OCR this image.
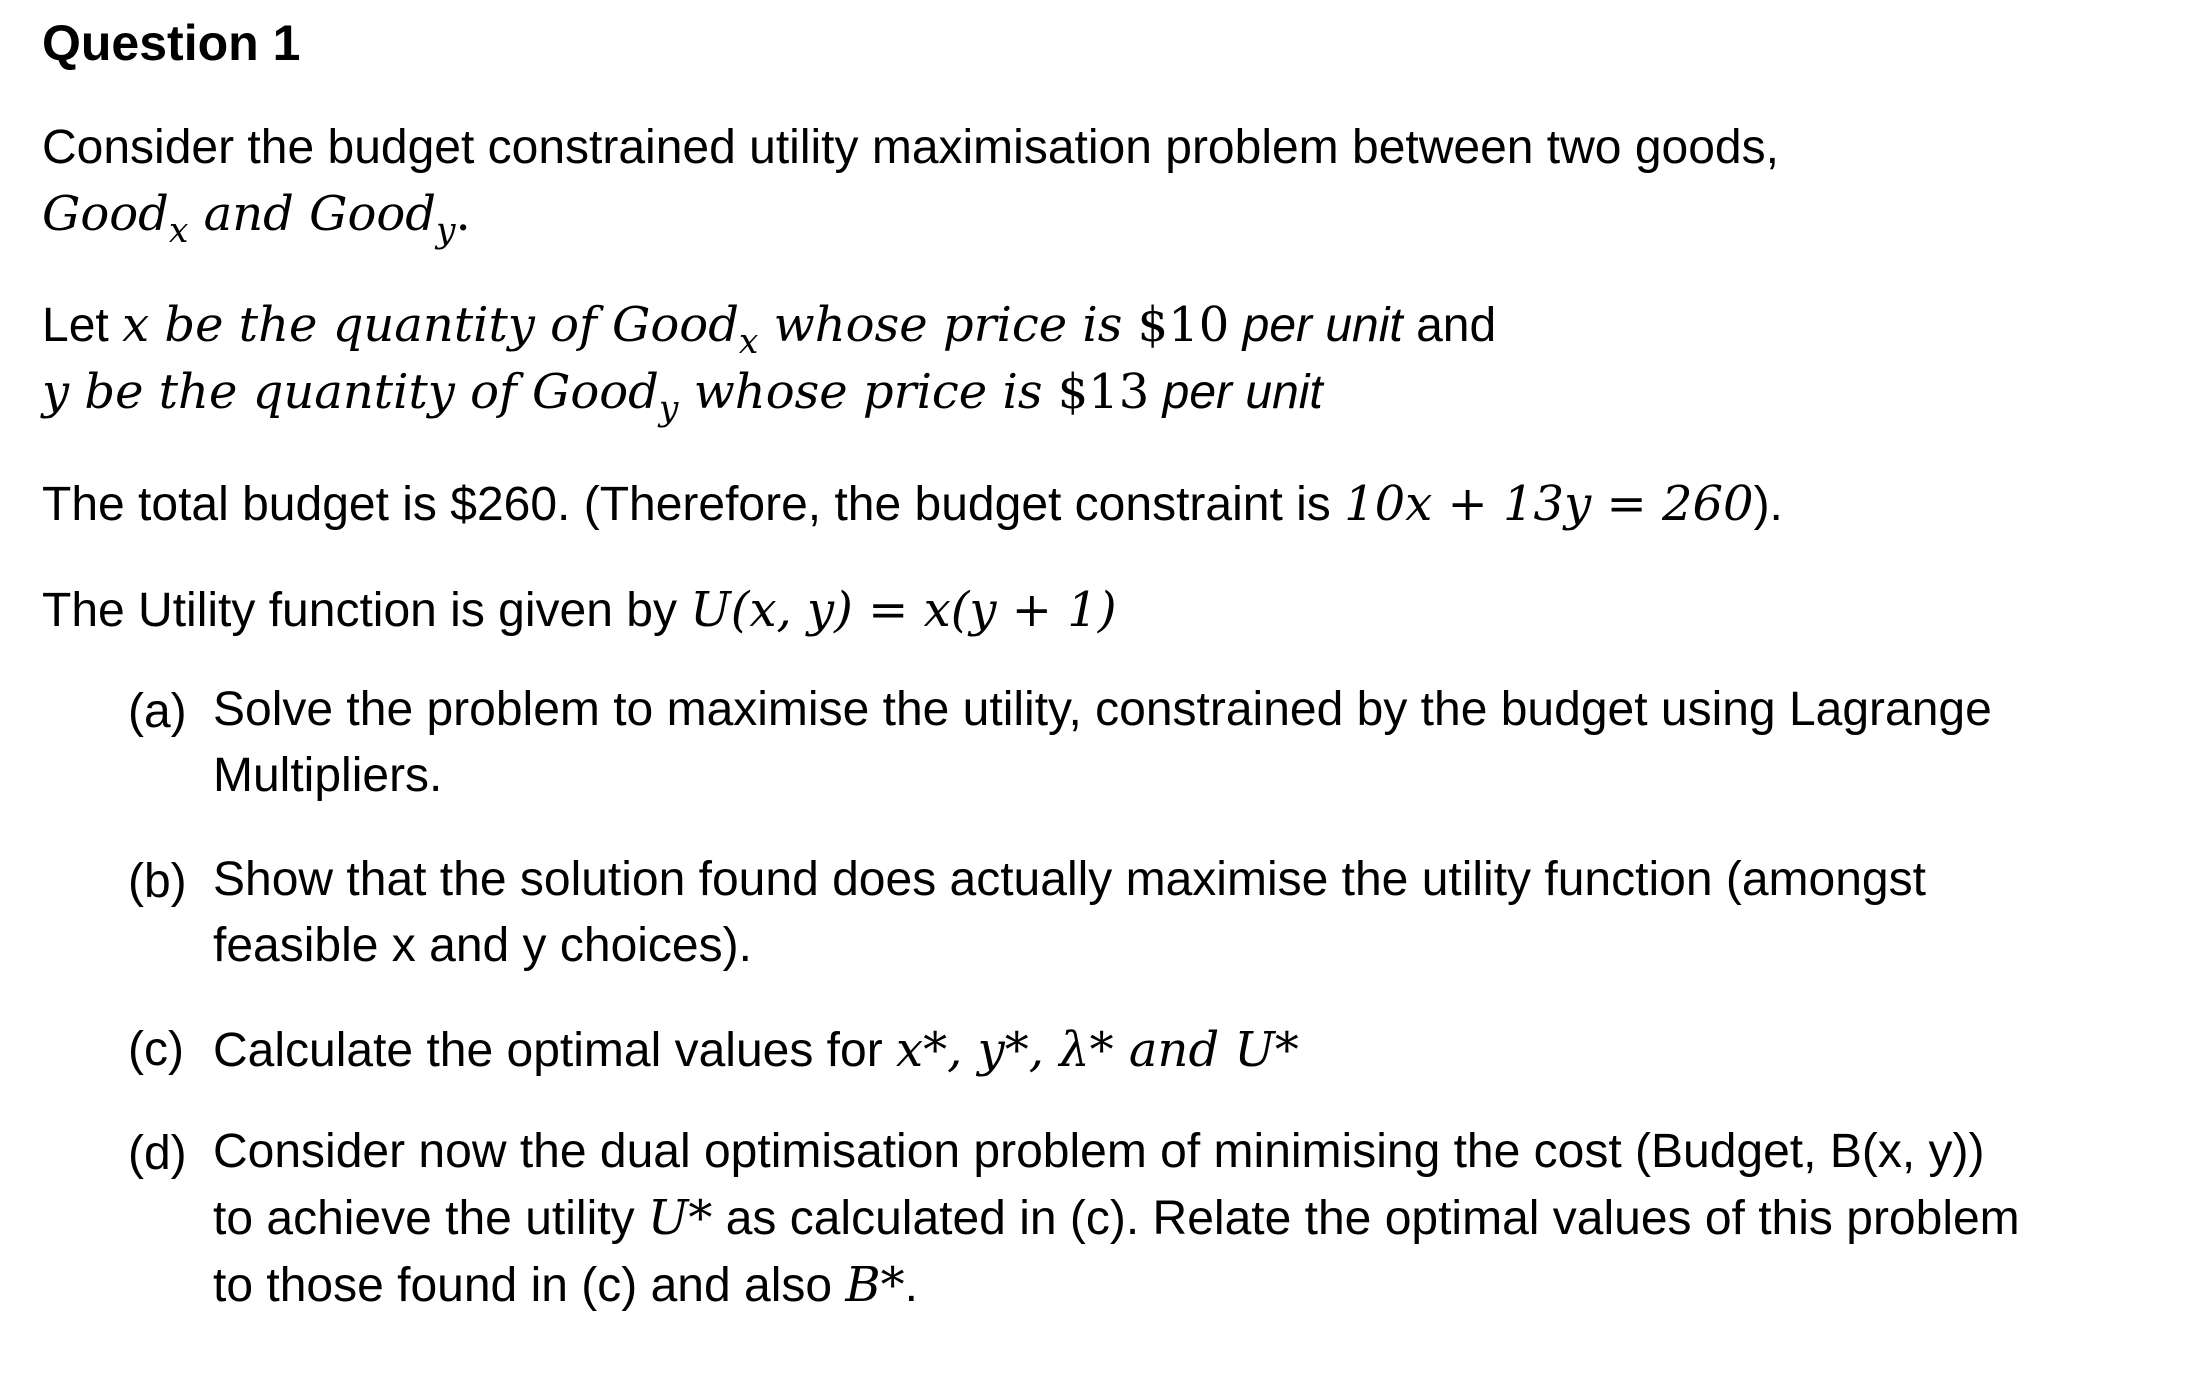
Question 1
Consider the budget constrained utility maximisation problem between two goods,
Good$_x$ and Good$_y$.
Let x be the quantity of Good$_x$ whose price is $10 per unit and
y be the quantity of Good$_y$ whose price is $13 per unit
The total budget is $260. (Therefore, the budget constraint is 10x + 13y = 260).
The Utility function is given by U(x, y) = x(y + 1)
(a) Solve the problem to maximise the utility, constrained by the budget using Lagrange
Multipliers.
(b) Show that the solution found does actually maximise the utility function (amongst
feasible x and y choices).
(c) Calculate the optimal values for x*, y*, λ* and U*
(d) Consider now the dual optimisation problem of minimising the cost (Budget, B(x, y))
to achieve the utility U* as calculated in (c). Relate the optimal values of this problem
to those found in (c) and also B*.
